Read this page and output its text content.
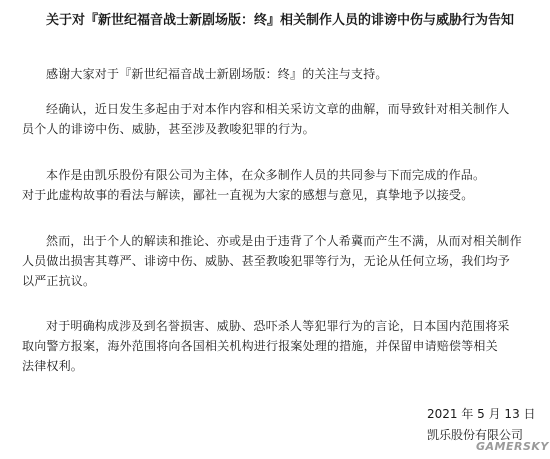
关于对『新世纪福音战士新剧场版：终』相关制作人员的诽谤中伤与威胁行为告知
感谢大家对于『新世纪福音战士新剧场版：终』的关注与支持。
经确认，近日发生多起由于对本作内容和相关采访文章的曲解，而导致针对相关制作人
员个人的诽谤中伤、威胁，甚至涉及教唆犯罪的行为。
本作是由凯乐股份有限公司为主体，在众多制作人员的共同参与下而完成的作品。
对于此虚构故事的看法与解读，鄙社一直视为大家的感想与意见，真挚地予以接受。
然而，出于个人的解读和推论、亦或是由于违背了个人希冀而产生不满，从而对相关制作
人员做出损害其尊严、诽谤中伤、威胁、甚至教唆犯罪等行为，无论从任何立场，我们均予
以严正抗议。
对于明确构成涉及到名誉损害、威胁、恐吓杀人等犯罪行为的言论，日本国内范围将采
取向警方报案，海外范围将向各国相关机构进行报案处理的措施，并保留申请赔偿等相关
法律权利。
2021 年 5 月 13 日
凯乐股份有限公司
GAMERSKY
